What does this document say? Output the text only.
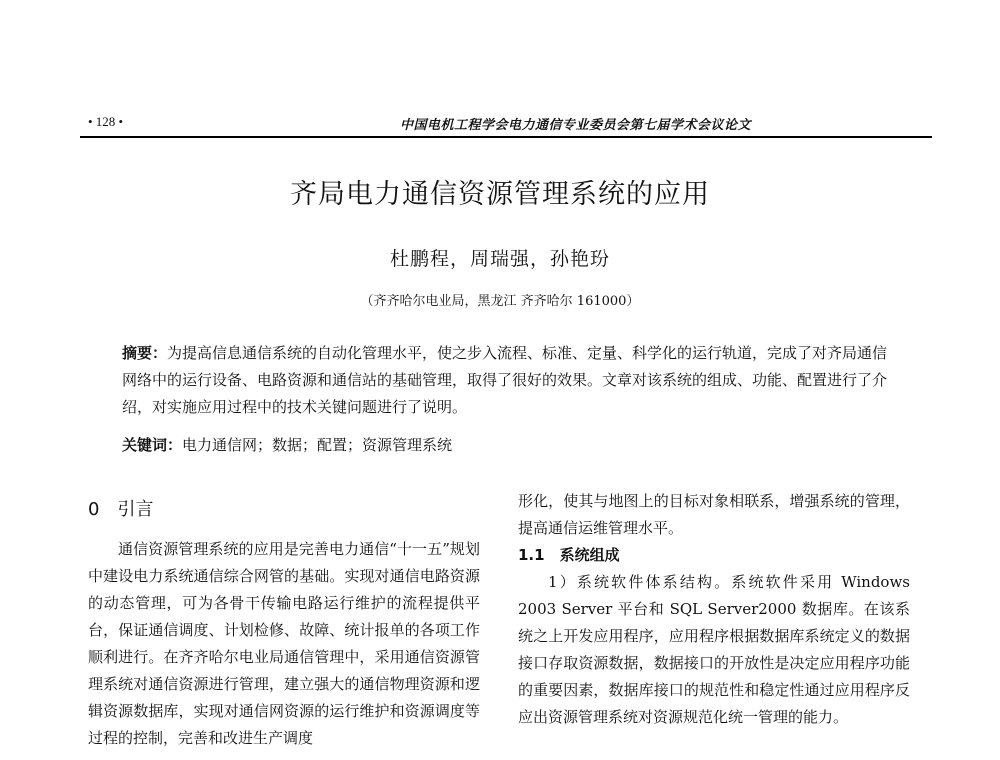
• 128 •	中国电机工程学会电力通信专业委员会第七届学术会议论文
齐局电力通信资源管理系统的应用
杜鹏程，周瑞强，孙艳玢
（齐齐哈尔电业局，黑龙江 齐齐哈尔 161000）
摘要：为提高信息通信系统的自动化管理水平，使之步入流程、标准、定量、科学化的运行轨道，完成了对齐局通信网络中的运行设备、电路资源和通信站的基础管理，取得了很好的效果。文章对该系统的组成、功能、配置进行了介绍，对实施应用过程中的技术关键问题进行了说明。
关键词：电力通信网；数据；配置；资源管理系统
0　引言

通信资源管理系统的应用是完善电力通信“十一五”规划中建设电力系统通信综合网管的基础。实现对通信电路资源的动态管理，可为各骨干传输电路运行维护的流程提供平台，保证通信调度、计划检修、故障、统计报单的各项工作顺利进行。在齐齐哈尔电业局通信管理中，采用通信资源管理系统对通信资源进行管理，建立强大的通信物理资源和逻辑资源数据库，实现对通信网资源的运行维护和资源调度等过程的控制，完善和改进生产调度

形化，使其与地图上的目标对象相联系，增强系统的管理，提高通信运维管理水平。

1.1　系统组成

1）系统软件体系结构。系统软件采用 Windows 2003 Server 平台和 SQL Server2000 数据库。在该系统之上开发应用程序，应用程序根据数据库系统定义的数据接口存取资源数据，数据接口的开放性是决定应用程序功能的重要因素，数据库接口的规范性和稳定性通过应用程序反应出资源管理系统对资源规范化统一管理的能力。
